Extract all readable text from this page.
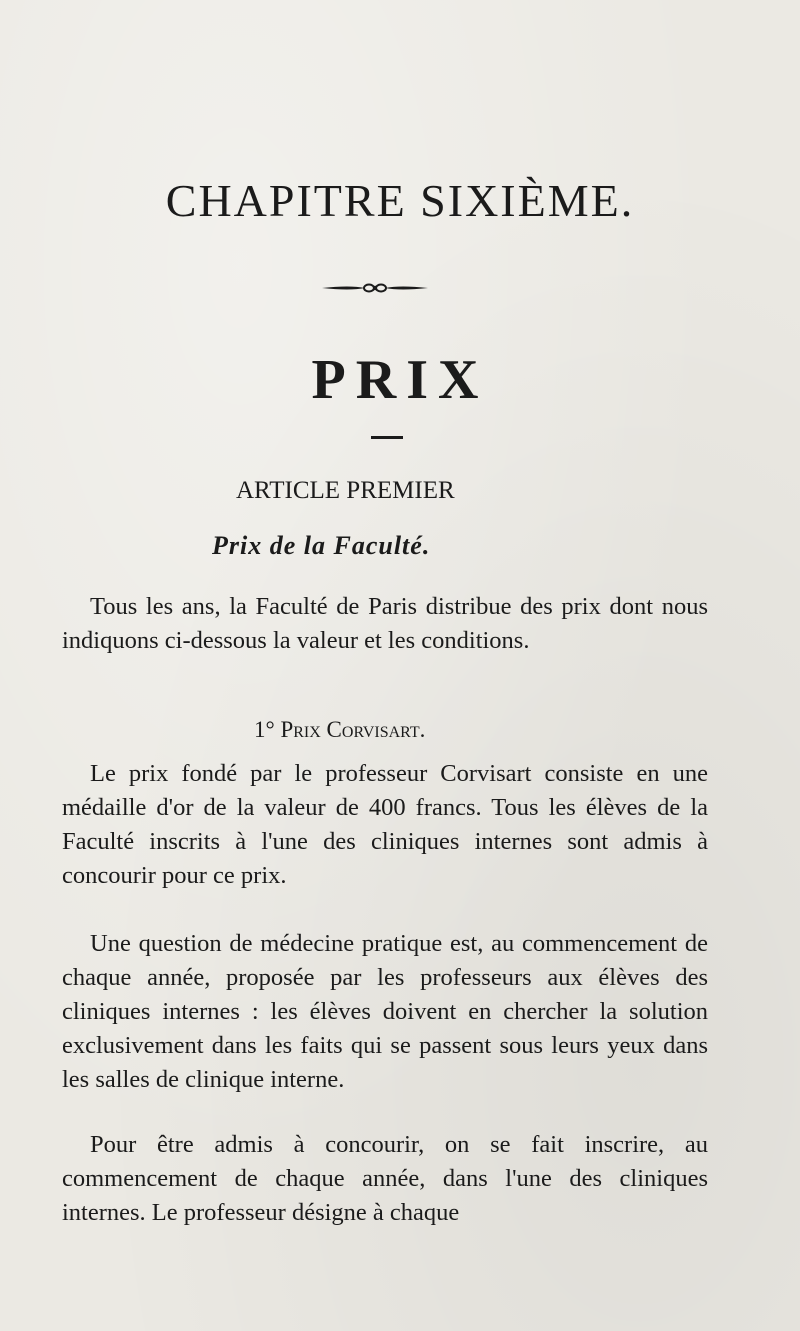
CHAPITRE SIXIÈME.
PRIX
ARTICLE PREMIER
Prix de la Faculté.

Tous les ans, la Faculté de Paris distribue des prix dont nous indiquons ci-dessous la valeur et les conditions.

1° Prix Corvisart.

Le prix fondé par le professeur Corvisart consiste en une médaille d'or de la valeur de 400 francs. Tous les élèves de la Faculté inscrits à l'une des cliniques internes sont admis à concourir pour ce prix.

Une question de médecine pratique est, au commencement de chaque année, proposée par les professeurs aux élèves des cliniques internes : les élèves doivent en chercher la solution exclusivement dans les faits qui se passent sous leurs yeux dans les salles de clinique interne.

Pour être admis à concourir, on se fait inscrire, au commencement de chaque année, dans l'une des cliniques internes. Le professeur désigne à chaque
